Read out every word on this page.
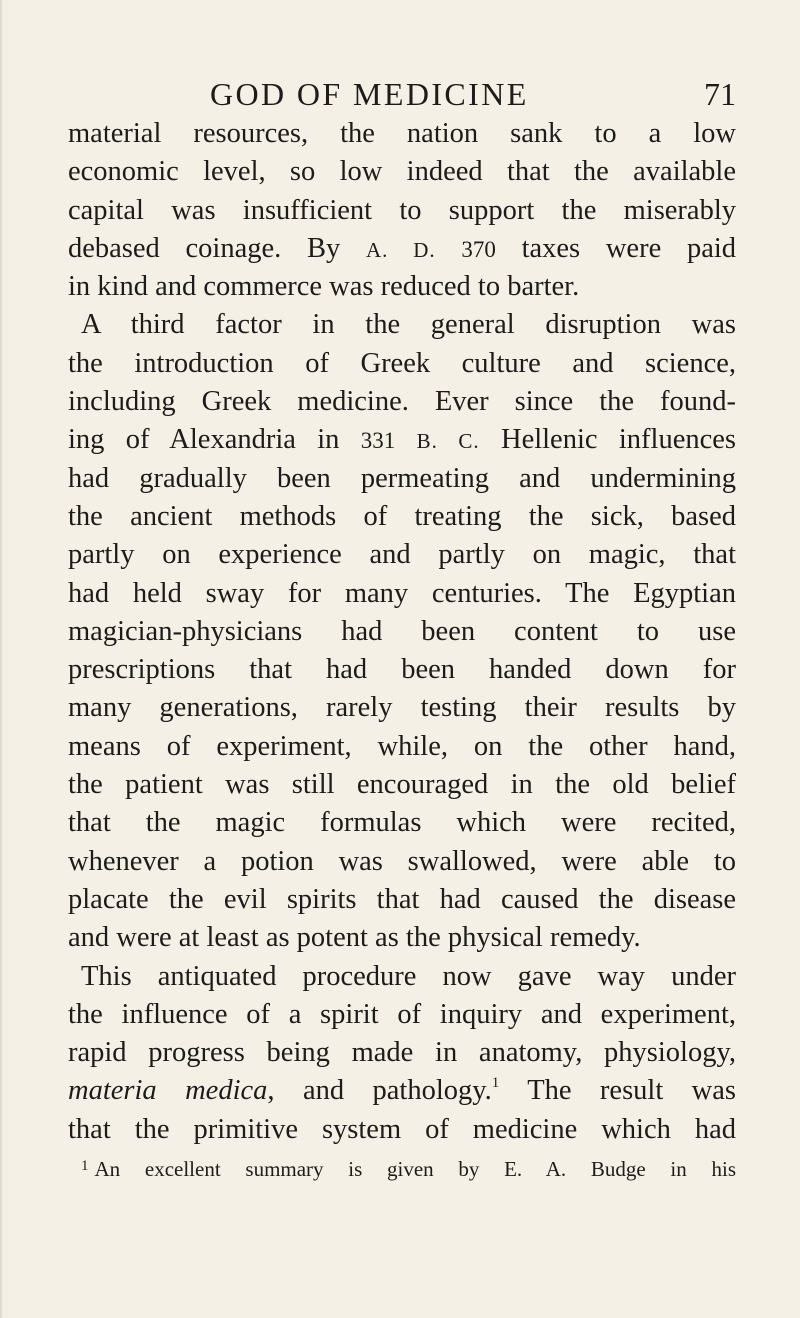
GOD OF MEDICINE	71
material resources, the nation sank to a low
economic level, so low indeed that the available
capital was insufficient to support the miserably
debased coinage. By A. D. 370 taxes were paid
in kind and commerce was reduced to barter.
A third factor in the general disruption was
the introduction of Greek culture and science,
including Greek medicine. Ever since the found-
ing of Alexandria in 331 B. C. Hellenic influences
had gradually been permeating and undermining
the ancient methods of treating the sick, based
partly on experience and partly on magic, that
had held sway for many centuries. The Egyptian
magician-physicians had been content to use
prescriptions that had been handed down for
many generations, rarely testing their results by
means of experiment, while, on the other hand,
the patient was still encouraged in the old belief
that the magic formulas which were recited,
whenever a potion was swallowed, were able to
placate the evil spirits that had caused the disease
and were at least as potent as the physical remedy.
This antiquated procedure now gave way under
the influence of a spirit of inquiry and experiment,
rapid progress being made in anatomy, physiology,
materia medica, and pathology.$^1$ The result was
that the primitive system of medicine which had
$^1$ An excellent summary is given by E. A. Budge in his
